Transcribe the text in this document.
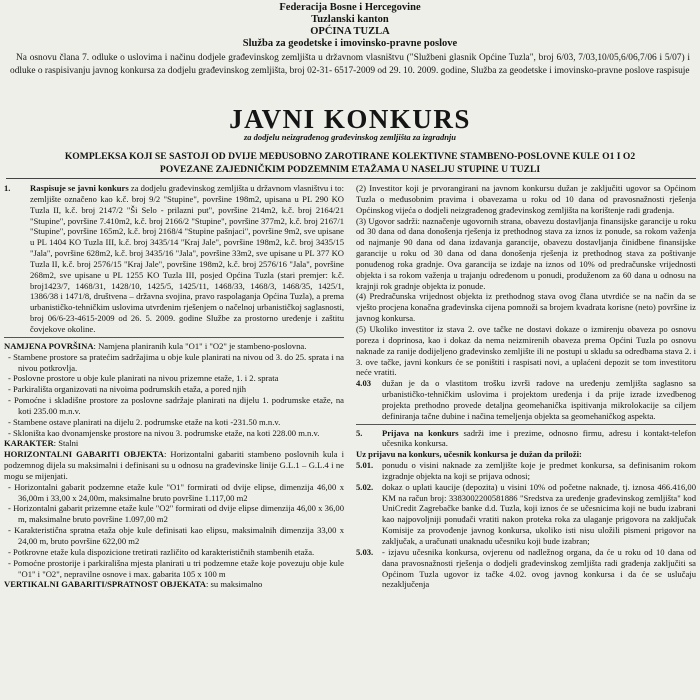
Federacija Bosne i Hercegovine
Tuzlanski kanton
OPĆINA TUZLA
Služba za geodetske i imovinsko-pravne poslove
Na osnovu člana 7. odluke o uslovima i načinu dodjele građevinskog zemljišta u državnom vlasništvu ("Službeni glasnik Općine Tuzla", broj 6/03, 7/03,10/05,6/06,7/06 i 5/07) i odluke o raspisivanju javnog konkursa za dodjelu građevinskog zemljišta, broj 02-31- 6517-2009 od 29. 10. 2009. godine, Služba za geodetske i imovinsko-pravne poslove raspisuje
JAVNI KONKURS
za dodjelu neizgrađenog građevinskog zemljišta za izgradnju
KOMPLEKSA KOJI SE SASTOJI OD DVIJE MEĐUSOBNO ZAROTIRANE KOLEKTIVNE STAMBENO-POSLOVNE KULE O1 I O2
POVEZANE ZAJEDNIČKIM PODZEMNIM ETAŽAMA U NASELJU STUPINE U TUZLI
1.	Raspisuje se javni konkurs za dodjelu građevinskog zemljišta u državnom vlasništvu i to: zemljište označeno kao k.č. broj 9/2 "Stupine", površine 198m2, upisana u PL 290 KO Tuzla II, k.č. broj 2147/2 "Ši Selo - prilazni put", površine 214m2, k.č. broj 2164/21 "Stupine", površine 7.410m2, k.č. broj 2166/2 "Stupine", površine 377m2, k.č. broj 2167/1 "Stupine", površine 165m2, k.č. broj 2168/4 "Stupine pašnjaci", površine 9m2, sve upisane u PL 1404 KO Tuzla III, k.č. broj 3435/14 "Kraj Jale", površine 198m2, k.č. broj 3435/15 "Jala", površine 628m2, k.č. broj 3435/16 "Jala", površine 33m2, sve upisane u PL 377 KO Tuzla II, k.č. broj 2576/15 "Kraj Jale", površine 198m2, k.č. broj 2576/16 "Jala", površine 268m2, sve upisane u PL 1255 KO Tuzla III, posjed Općina Tuzla (stari premjer: k.č. broj1423/7, 1468/31, 1428/10, 1425/5, 1425/11, 1468/33, 1468/3, 1468/35, 1425/1, 1386/38 i 1471/8, društvena – državna svojina, pravo raspolaganja Općina Tuzla), a prema urbanističko-tehničkim uslovima utvrđenim rješenjem o načelnoj urbanističkoj saglasnosti, broj 06/6-23-4615-2009 od 26. 5. 2009. godine Službe za prostorno uređenje i zaštitu čovjekove okoline.

NAMJENA POVRŠINA: Namjena planiranih kula "O1" i "O2" je stambeno-poslovna.

- Stambene prostore sa pratećim sadržajima u obje kule planirati na nivou od 3. do 25. sprata i na nivou potkrovlja.

- Poslovne prostore u obje kule planirati na nivou prizemne etaže, 1. i 2. sprata

- Parkirališta organizovati na nivoima podrumskih etaža, a pored njih

- Pomoćne i skladišne prostore za poslovne sadržaje planirati na dijelu 1. podrumske etaže, na koti 235.00 m.n.v.

- Stambene ostave planirati na dijelu 2. podrumske etaže na koti -231.50 m.n.v.

- Skloništa kao dvonamjenske prostore na nivou 3. podrumske etaže, na koti 228.00 m.n.v.

KARAKTER: Stalni

HORIZONTALNI GABARITI OBJEKTA: Horizontalni gabariti stambeno poslovnih kula i podzemnog dijela su maksimalni i definisani su u odnosu na građevinske linije G.L.1 – G.L.4 i ne mogu se mijenjati.

- Horizontalni gabarit podzemne etaže kule "O1" formirati od dvije elipse, dimenzija 46,00 x 36,00m i 33,00 x 24,00m, maksimalne bruto površine 1.117,00 m2

- Horizontalni gabarit prizemne etaže kule "O2" formirati od dvije elipse dimenzija 46,00 x 36,00 m, maksimalne bruto površine 1.097,00 m2

- Karakteristična spratna etaža obje kule definisati kao elipsu, maksimalnih dimenzija 33,00 x 24,00 m, bruto površine 622,00 m2

- Potkrovne etaže kula dispozicione tretirati različito od karakterističnih stambenih etaža.

- Pomoćne prostorije i parkirališna mjesta planirati u tri podzemne etaže koje povezuju obje kule "O1" i "O2", nepravilne osnove i max. gabarita 105 x 100 m

VERTIKALNI GABARITI/SPRATNOST OBJEKATA: su maksimalno

(2) Investitor koji je prvorangirani na javnom konkursu dužan je zaključiti ugovor sa Općinom Tuzla o međusobnim pravima i obavezama u roku od 10 dana od pravosnažnosti rješenja Općinskog vijeća o dodjeli neizgrađenog građevinskog zemljišta na korištenje radi građenja.

(3) Ugovor sadrži: naznačenje ugovornih strana, obavezu dostavljanja finansijske garancije u roku od 30 dana od dana donošenja rješenja iz prethodnog stava za iznos iz ponude, sa rokom važenja od najmanje 90 dana od dana izdavanja garancije, obavezu dostavljanja činidbene finansijske garancije u roku od 30 dana od dana donošenja rješenja iz prethodnog stava za poštivanje ponuđenog roka gradnje. Ova garancija se izdaje na iznos od 10% od predračunske vrijednosti objekta i sa rokom važenja u trajanju određenom u ponudi, produženom za 60 dana u odnosu na krajnji rok gradnje objekta iz ponude.

(4) Predračunska vrijednost objekta iz prethodnog stava ovog člana utvrdiće se na način da se vješto procjena konačna građevinska cijena pomnoži sa brojem kvadrata korisne (neto) površine iz javnog konkursa.

(5) Ukoliko investitor iz stava 2. ove tačke ne dostavi dokaze o izmirenju obaveza po osnovu poreza i doprinosa, kao i dokaz da nema neizmirenih obaveza prema Općini Tuzla po osnovu naknade za ranije dodijeljeno građevinsko zemljište ili ne postupi u skladu sa odredbama stava 2. i 3. ove tačke, javni konkurs će se poništiti i raspisati novi, a uplaćeni depozit se tom investitoru neće vratiti.

4.03	dužan je da o vlastitom trošku izvrši radove na uređenju zemljišta saglasno sa urbanističko-tehničkim uslovima i projektom uređenja i da prije izrade izvedbenog projekta prethodno provede detaljna geomehanička ispitivanja mikrolokacije sa ciljem definiranja tačne dubine i načina temeljenja objekta sa geomehaničkog aspekta.

5.	Prijava na konkurs sadrži ime i prezime, odnosno firmu, adresu i kontakt-telefon učesnika konkursa.

Uz prijavu na konkurs, učesnik konkursa je dužan da priloži:

5.01.	ponudu o visini naknade za zemljište koje je predmet konkursa, sa definisanim rokom izgradnje objekta na koji se prijava odnosi;

5.02.	dokaz o uplati kaucije (depozita) u visini 10% od početne naknade, tj. iznosa 466.416,00 KM na račun broj: 3383002200581886 "Sredstva za uređenje građevinskog zemljišta" kod UniCredit Zagrebačke banke d.d. Tuzla, koji iznos će se učesnicima koji ne budu izabrani kao najpovoljniji ponuđači vratiti nakon proteka roka za ulaganje prigovora na zaključak Komisije za provođenje javnog konkursa, ukoliko isti nisu uložili pismeni prigovor na zaključak, a uračunati unaknadu učesniku koji bude izabran;

5.03.	- izjavu učesnika konkursa, ovjerenu od nadležnog organa, da će u roku od 10 dana od dana pravosnažnosti rješenja o dodjeli građevinskog zemljišta radi građenja zaključiti sa Općinom Tuzla ugovor iz tačke 4.02. ovog javnog konkursa i da će se uslučaju nezaključenja
